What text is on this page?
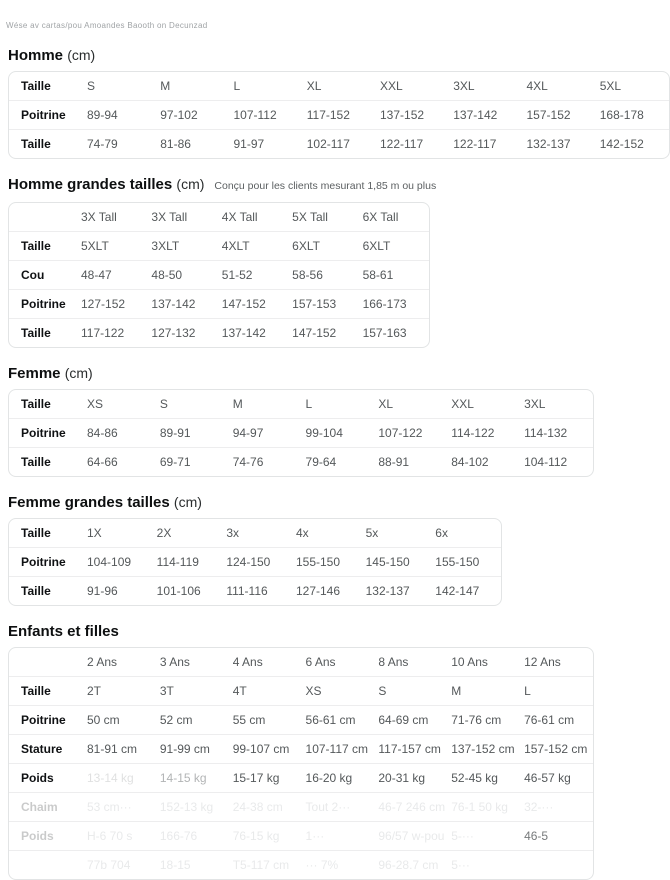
Wése av cartas/pou Amoandes Baooth on Decunzad
Homme (cm)
Taille	S	M	L	XL	XXL	3XL	4XL	5XL
Poitrine	89-94	97-102	107-112	117-152	137-152	137-142	157-152	168-178
Taille	74-79	81-86	91-97	102-117	122-117	122-117	132-137	142-152
Homme grandes tailles (cm) Conçu pour les clients mesurant 1,85 m ou plus
	3X Tall	3X Tall	4X Tall	5X Tall	6X Tall
Taille	5XLT	3XLT	4XLT	6XLT	6XLT
Cou	48-47	48-50	51-52	58-56	58-61
Poitrine	127-152	137-142	147-152	157-153	166-173
Taille	117-122	127-132	137-142	147-152	157-163
Femme (cm)
Taille	XS	S	M	L	XL	XXL	3XL
Poitrine	84-86	89-91	94-97	99-104	107-122	114-122	114-132
Taille	64-66	69-71	74-76	79-64	88-91	84-102	104-112
Femme grandes tailles (cm)
Taille	1X	2X	3x	4x	5x	6x
Poitrine	104-109	114-119	124-150	155-150	145-150	155-150
Taille	91-96	101-106	111-116	127-146	132-137	142-147
Enfants et filles
	2 Ans	3 Ans	4 Ans	6 Ans	8 Ans	10 Ans	12 Ans
Taille	2T	3T	4T	XS	S	M	L
Poitrine	50 cm	52 cm	55 cm	56-61 cm	64-69 cm	71-76 cm	76-61 cm
Stature	81-91 cm	91-99 cm	99-107 cm	107-117 cm	117-157 cm	137-152 cm	157-152 cm
Poids	13-14 kg	14-15 kg	15-17 kg	16-20 kg	20-31 kg	52-45 kg	46-57 kg
Chaim	53 cm···	152-13 kg	24-38 cm	Tout 2···	46-7 246 cm	76-1 50 kg	32-···
Poids	H-6 70 s	166-76	76-15 kg	1···	96/57 w-pou	5-···	46-5
	77b 704	18-15	T5-117 cm	··· 7%	96-28.7 cm	5···	
